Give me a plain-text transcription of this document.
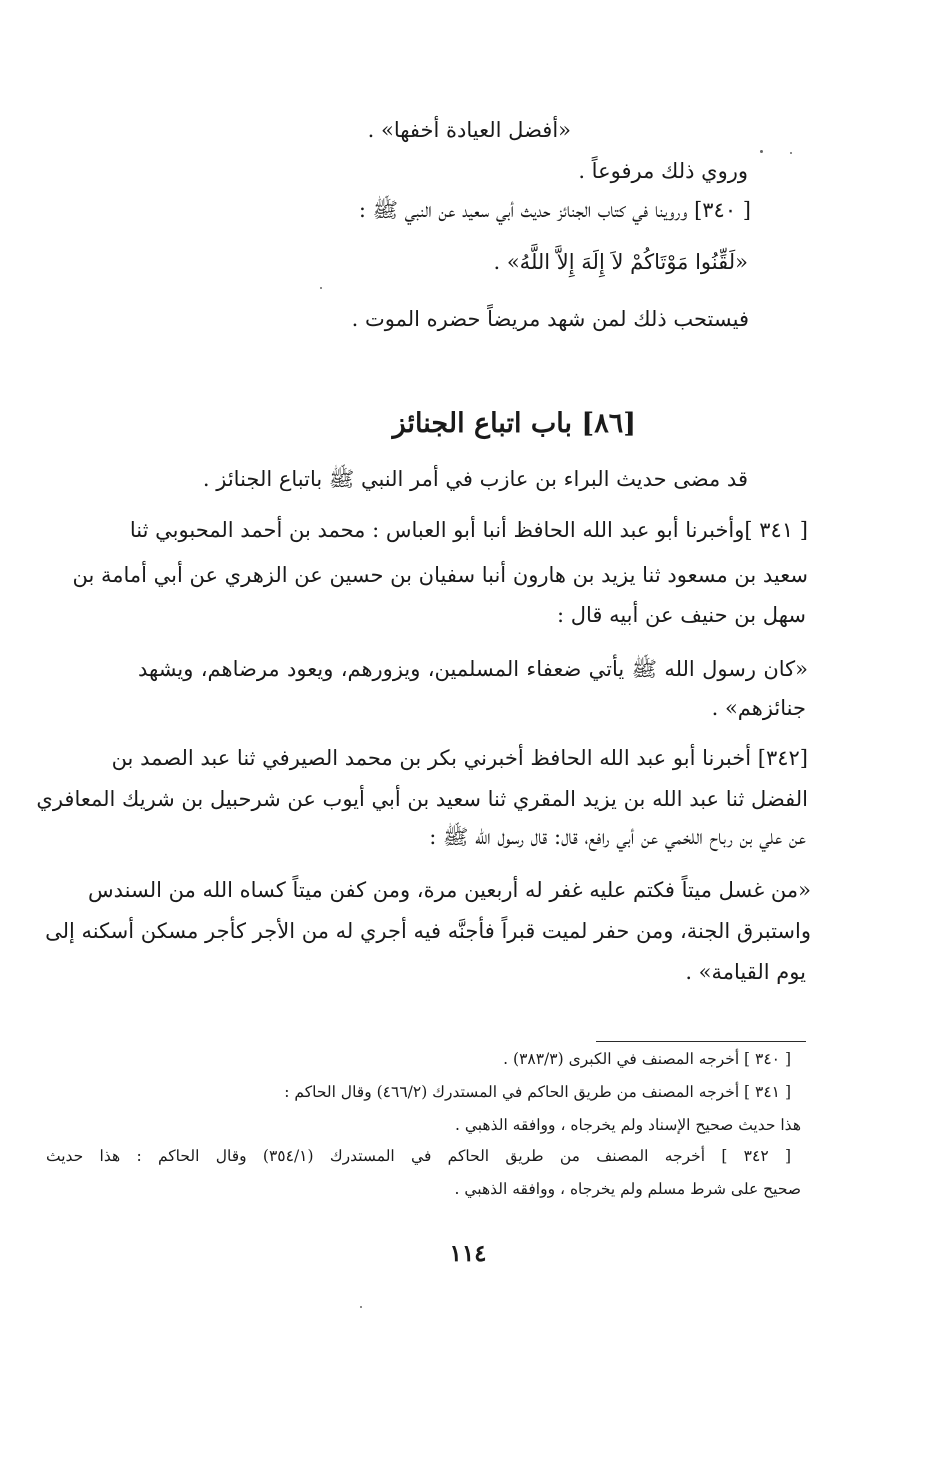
«أفضل العيادة أخفها» .
وروي ذلك مرفوعاً .
[ ٣٤٠] وروينا في كتاب الجنائز حديث أبي سعيد عن النبي ﷺ :
«لَقِّنُوا مَوْتَاكُمْ لاَ إِلَهَ إِلاَّ اللَّهُ» .
فيستحب ذلك لمن شهد مريضاً حضره الموت .
[٨٦] باب اتباع الجنائز
قد مضى حديث البراء بن عازب في أمر النبي ﷺ باتباع الجنائز .
[ ٣٤١ ]وأخبرنا أبو عبد الله الحافظ أنبا أبو العباس : محمد بن أحمد المحبوبي ثنا
سعيد بن مسعود ثنا يزيد بن هارون أنبا سفيان بن حسين عن الزهري عن أبي أمامة بن
سهل بن حنيف عن أبيه قال :
«كان رسول الله ﷺ يأتي ضعفاء المسلمين، ويزورهم، ويعود مرضاهم، ويشهد
جنائزهم» .
[٣٤٢] أخبرنا أبو عبد الله الحافظ أخبرني بكر بن محمد الصيرفي ثنا عبد الصمد بن
الفضل ثنا عبد الله بن يزيد المقري ثنا سعيد بن أبي أيوب عن شرحبيل بن شريك المعافري
عن علي بن رباح اللخمي عن أبي رافع، قال: قال رسول الله ﷺ :
«من غسل ميتاً فكتم عليه غفر له أربعين مرة، ومن كفن ميتاً كساه الله من السندس
واستبرق الجنة، ومن حفر لميت قبراً فأجنَّه فيه أجري له من الأجر كأجر مسكن أسكنه إلى
يوم القيامة» .
[ ٣٤٠ ] أخرجه المصنف في الكبرى (٣٨٣/٣) .
[ ٣٤١ ] أخرجه المصنف من طريق الحاكم في المستدرك (٤٦٦/٢) وقال الحاكم :
هذا حديث صحيح الإسناد ولم يخرجاه ، ووافقه الذهبي .
[ ٣٤٢ ] أخرجه المصنف من طريق الحاكم في المستدرك (٣٥٤/١) وقال الحاكم : هذا حديث
صحيح على شرط مسلم ولم يخرجاه ، ووافقه الذهبي .
١١٤
